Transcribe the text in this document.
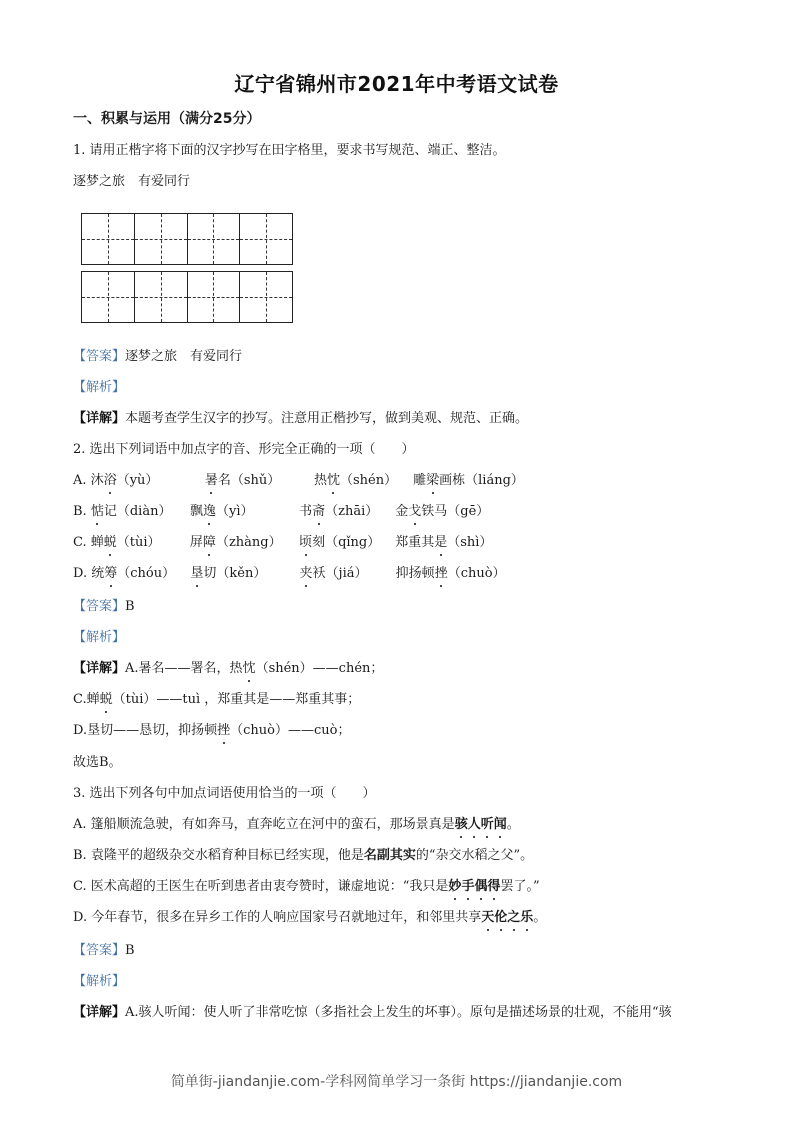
辽宁省锦州市2021年中考语文试卷
一、积累与运用（满分25分）
1. 请用正楷字将下面的汉字抄写在田字格里，要求书写规范、端正、整洁。
逐梦之旅　有爱同行
【答案】逐梦之旅　有爱同行
【解析】
【详解】本题考查学生汉字的抄写。注意用正楷抄写，做到美观、规范、正确。
2. 选出下列词语中加点字的音、形完全正确的一项（　　）
A. 沐浴（yù）	暑名（shǔ）	热忱（shén） 雕梁画栋（liáng）
B. 惦记（diàn） 飘逸（yì）	书斋（zhāi） 金戈铁马（gē）
C. 蝉蜕（tùi） 屏障（zhàng） 顷刻（qǐng） 郑重其是（shì）
D. 统筹（chóu） 垦切（kěn）	夹袄（jiá） 抑扬顿挫（chuò）
【答案】B
【解析】
【详解】A.暑名——署名，热忱（shén）——chén；
C.蝉蜕（tùi）——tuì ，郑重其是——郑重其事；
D.垦切——恳切，抑扬顿挫（chuò）——cuò；
故选B。
3. 选出下列各句中加点词语使用恰当的一项（　　）
A. 篷船顺流急驶，有如奔马，直奔屹立在河中的蛮石，那场景真是骇人听闻。
B. 袁隆平的超级杂交水稻育种目标已经实现，他是名副其实的“杂交水稻之父”。
C. 医术高超的王医生在听到患者由衷夸赞时，谦虚地说：“我只是妙手偶得罢了。”
D. 今年春节，很多在异乡工作的人响应国家号召就地过年，和邻里共享天伦之乐。
【答案】B
【解析】
【详解】A.骇人听闻：使人听了非常吃惊（多指社会上发生的坏事）。原句是描述场景的壮观，不能用“骇
简单街-jiandanjie.com-学科网简单学习一条街 https://jiandanjie.com
